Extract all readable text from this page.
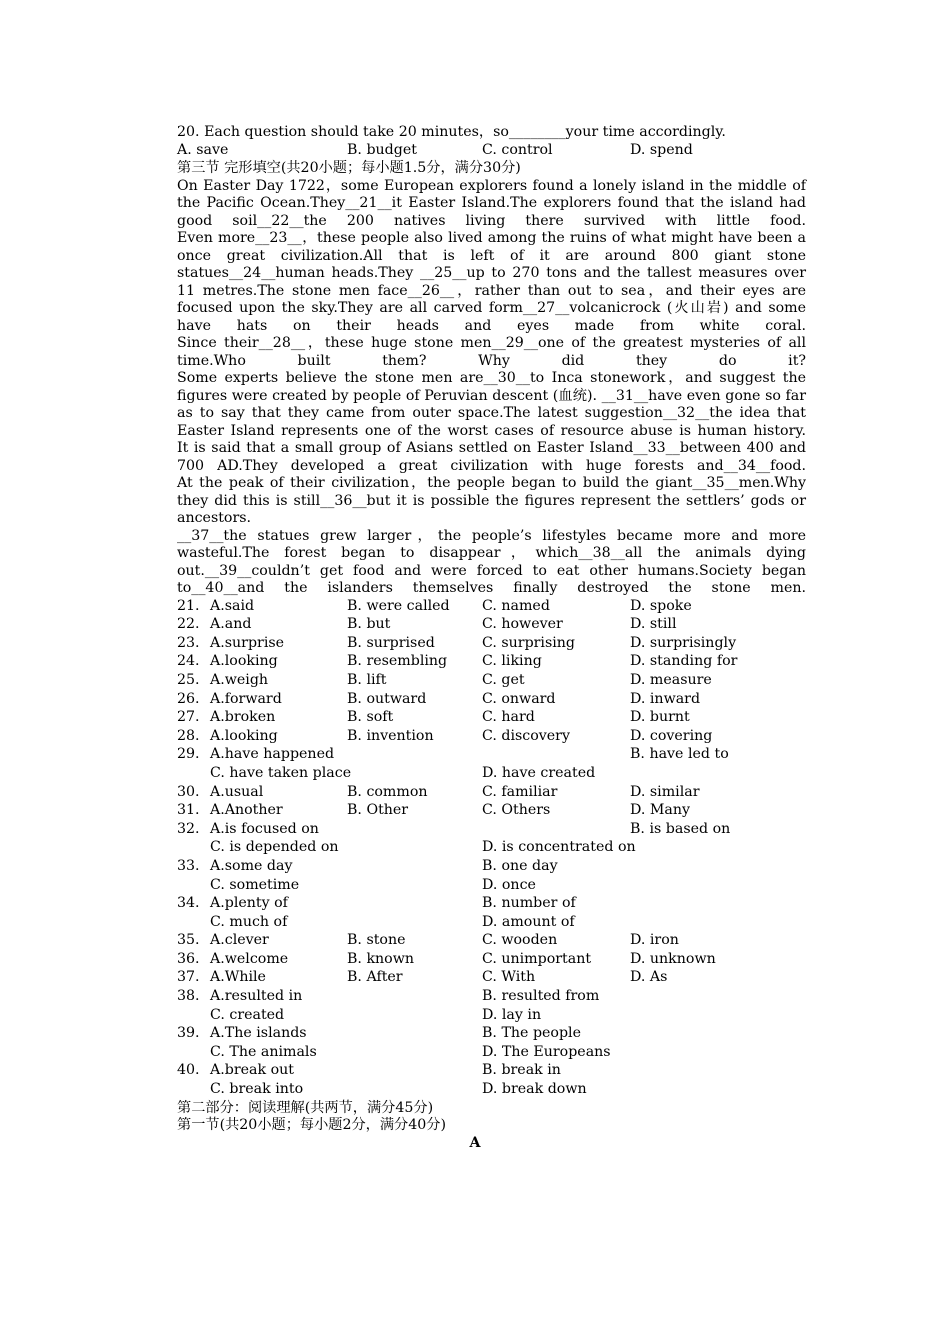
20. Each question should take 20 minutes，so________your time accordingly.
A. save	B. budget	C. control	D. spend
第三节 完形填空(共20小题；每小题1.5分，满分30分)
On Easter Day 1722，some European explorers found a lonely island in the middle of the Pacific Ocean.They__21__it Easter Island.The explorers found that the island had good soil__22__the 200 natives living there survived with little food.
Even more__23__，these people also lived among the ruins of what might have been a once great civilization.All that is left of it are around 800 giant stone statues__24__human heads.They __25__up to 270 tons and the tallest measures over 11 metres.The stone men face__26__，rather than out to sea，and their eyes are focused upon the sky.They are all carved form__27__volcanicrock (火山岩) and some have hats on their heads and eyes made from white coral.
Since their__28__，these huge stone men__29__one of the greatest mysteries of all time.Who built them? Why did they do it?
Some experts believe the stone men are__30__to Inca stonework，and suggest the figures were created by people of Peruvian descent (血统). __31__have even gone so far as to say that they came from outer space.The latest suggestion__32__the idea that Easter Island represents one of the worst cases of resource abuse is human history.
It is said that a small group of Asians settled on Easter Island__33__between 400 and 700 AD.They developed a great civilization with huge forests and__34__food.
At the peak of their civilization，the people began to build the giant__35__men.Why they did this is still__36__but it is possible the figures represent the settlers’ gods or ancestors.
__37__the statues grew larger，the people’s lifestyles became more and more wasteful.The forest began to disappear，which__38__all the animals dying out.__39__couldn’t get food and were forced to eat other humans.Society began to__40__and the islanders themselves finally destroyed the stone men.
21. A.said	B. were called C. named	D. spoke
22. A.and	B. but	C. however	D. still
23. A.surprise	B. surprised	C. surprising	D. surprisingly
24. A.looking	B. resembling C. liking	D. standing for
25. A.weigh	B. lift	C. get	D. measure
26. A.forward	B. outward	C. onward	D. inward
27. A.broken	B. soft	C. hard	D. burnt
28. A.looking	B. invention	C. discovery	D. covering
29. A.have happened	B. have led to
C. have taken place	D. have created
30. A.usual	B. common	C. familiar	D. similar
31. A.Another	B. Other	C. Others	D. Many
32. A.is focused on	B. is based on
C. is depended on	D. is concentrated on
33. A.some day	B. one day
C. sometime	D. once
34. A.plenty of	B. number of
C. much of	D. amount of
35. A.clever	B. stone	C. wooden	D. iron
36. A.welcome	B. known	C. unimportant	D. unknown
37. A.While	B. After	C. With	D. As
38. A.resulted in	B. resulted from
C. created	D. lay in
39. A.The islands	B. The people
C. The animals	D. The Europeans
40. A.break out	B. break in
C. break into	D. break down
第二部分：阅读理解(共两节，满分45分)
第一节(共20小题；每小题2分，满分40分)
A
